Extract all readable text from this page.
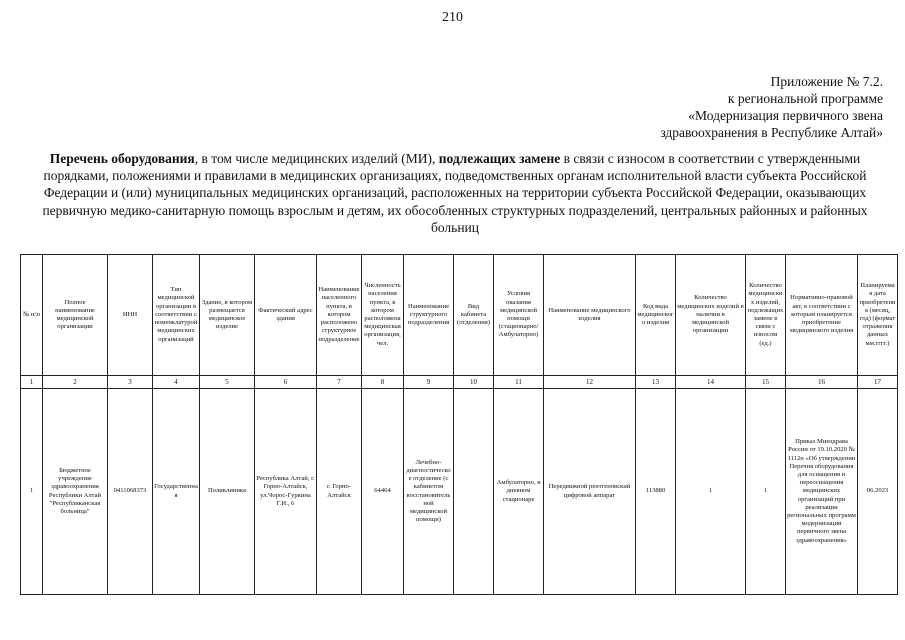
210
Приложение № 7.2.
к региональной программе
«Модернизация первичного звена
здравоохранения в Республике Алтай»
Перечень оборудования, в том числе медицинских изделий (МИ), подлежащих замене в связи с износом в соответствии с утвержденными порядками, положениями и правилами в медицинских организациях, подведомственных органам исполнительной власти субъекта Российской Федерации и (или) муниципальных медицинских организаций, расположенных на территории субъекта Российской Федерации, оказывающих первичную медико-санитарную помощь взрослым и детям, их обособленных структурных подразделений, центральных районных и районных больниц
№ п/п	Полное наименование медицинской организации	ИНН	Тип медицинской организации в соответствии с номенклатурой медицинских организаций	Здание, в котором размещается медицинское изделие	Фактический адрес здания	Наименование населенного пункта, в котором расположено структурное подразделение	Численность населения пункта, в котором расположена медицинская организация, чел.	Наименование структурного подразделения	Вид кабинета (отделения)	Условия оказания медицинской помощи (стационарно/ Амбулаторно)	Наименование медицинского изделия	Код вида медицинского изделия	Количество медицинских изделий в наличии в медицинской организации	Количество медицинских изделий, подлежащих замене в связи с износом (ед.)	Нормативно-правовой акт, в соответствии с которым планируется приобретение медицинского изделия	Планируемая дата приобретения (месяц, год) (формат отражения данных мм.гггг.)
1	2	3	4	5	6	7	8	9	10	11	12	13	14	15	16	17
1	Бюджетное учреждение здравоохранения Республики Алтай "Республиканская больница"	0411068373	Государственная	Поликлиника	Республика Алтай, г. Горно-Алтайск, ул.Чорос-Гуркина Г.И., 6	г. Горно-Алтайск	64464	Лечебно-диагностическое отделение (с кабинетом восстановительной медицинской помощи)		Амбулаторно, в дневном стационаре	Передвижной рентгеновский цифровой аппарат	113880	1	1	Приказ Минздрава России от 19.10.2020 № 1112н «Об утверждении Перечня оборудования для оснащения и переоснащения медицинских организаций при реализации региональных программ модернизации первичного звена здравоохранения»	06.2023
